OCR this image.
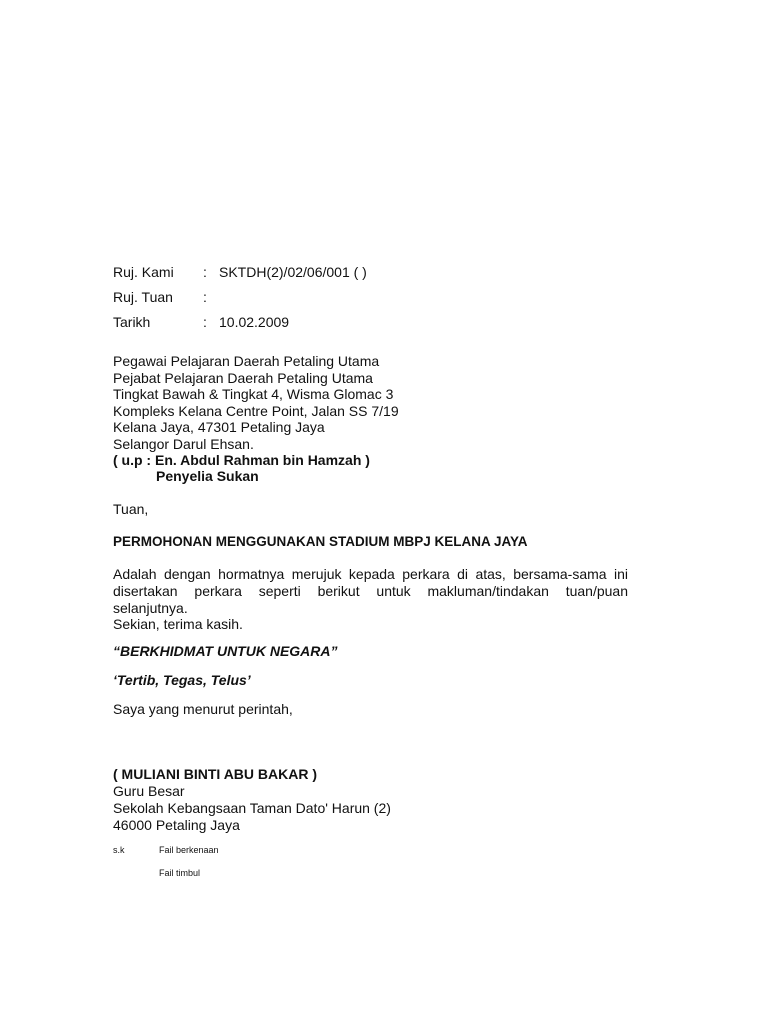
Ruj. Kami : SKTDH(2)/02/06/001 ( )
Ruj. Tuan :
Tarikh	: 10.02.2009
Pegawai Pelajaran Daerah Petaling Utama
Pejabat Pelajaran Daerah Petaling Utama
Tingkat Bawah & Tingkat 4, Wisma Glomac 3
Kompleks Kelana Centre Point, Jalan SS 7/19
Kelana Jaya, 47301 Petaling Jaya
Selangor Darul Ehsan.
( u.p : En. Abdul Rahman bin Hamzah )
Penyelia Sukan
Tuan,
PERMOHONAN MENGGUNAKAN STADIUM MBPJ KELANA JAYA
Adalah dengan hormatnya merujuk kepada perkara di atas, bersama-sama ini disertakan perkara seperti berikut untuk makluman/tindakan tuan/puan selanjutnya.
Sekian, terima kasih.
“BERKHIDMAT UNTUK NEGARA”
‘Tertib, Tegas, Telus’
Saya yang menurut perintah,
( MULIANI BINTI ABU BAKAR )
Guru Besar
Sekolah Kebangsaan Taman Dato' Harun (2)
46000 Petaling Jaya
s.k	Fail berkenaan
Fail timbul
